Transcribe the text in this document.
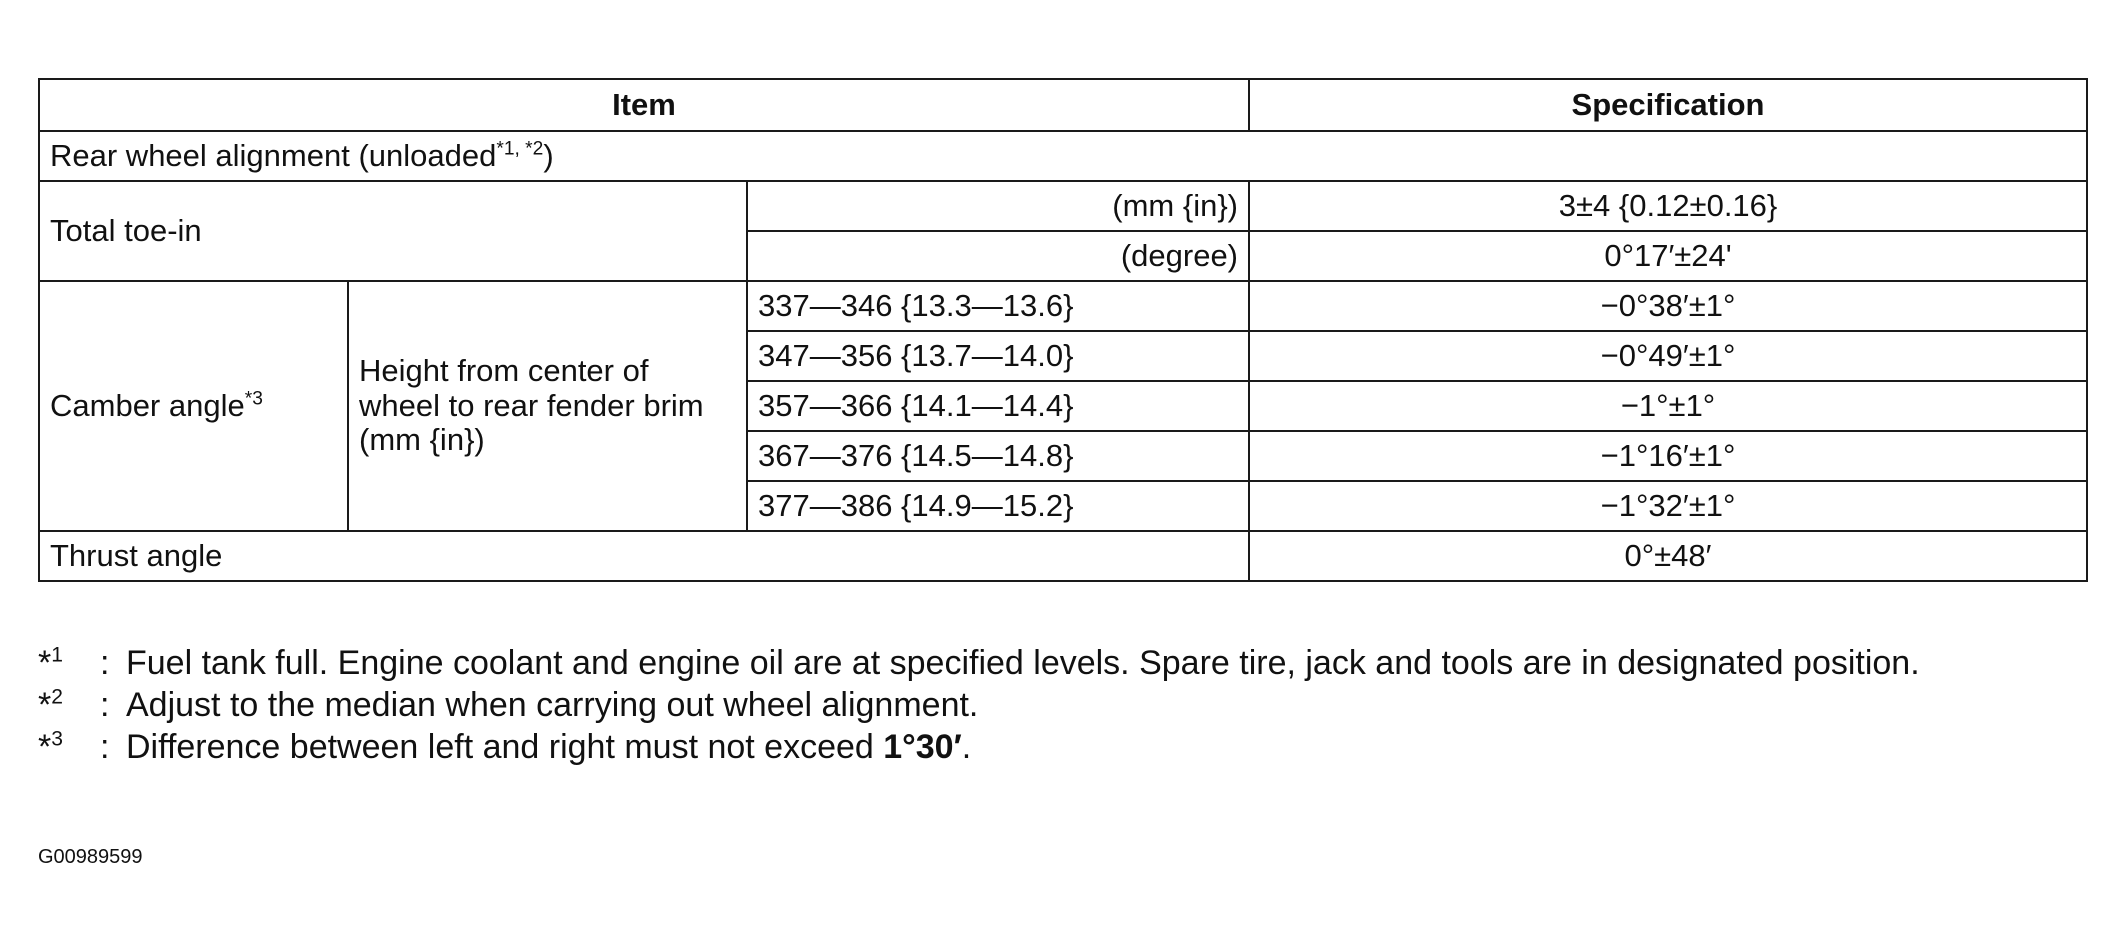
Item			Specification
Rear wheel alignment (unloaded$^{*1, *2}$)			
Total toe-in		(mm {in})	3±4 {0.12±0.16}
		(degree)	0°17′±24'
Camber angle$^{*3}$	Height from center of wheel to rear fender brim (mm {in})	337—346 {13.3—13.6}	−0°38′±1°
		347—356 {13.7—14.0}	−0°49′±1°
		357—366 {14.1—14.4}	−1°±1°
		367—376 {14.5—14.8}	−1°16′±1°
		377—386 {14.9—15.2}	−1°32′±1°
Thrust angle			0°±48′
*$^1$	: Fuel tank full. Engine coolant and engine oil are at specified levels. Spare tire, jack and tools are in designated position.
*$^2$	: Adjust to the median when carrying out wheel alignment.
*$^3$	: Difference between left and right must not exceed 1°30′.
G00989599
